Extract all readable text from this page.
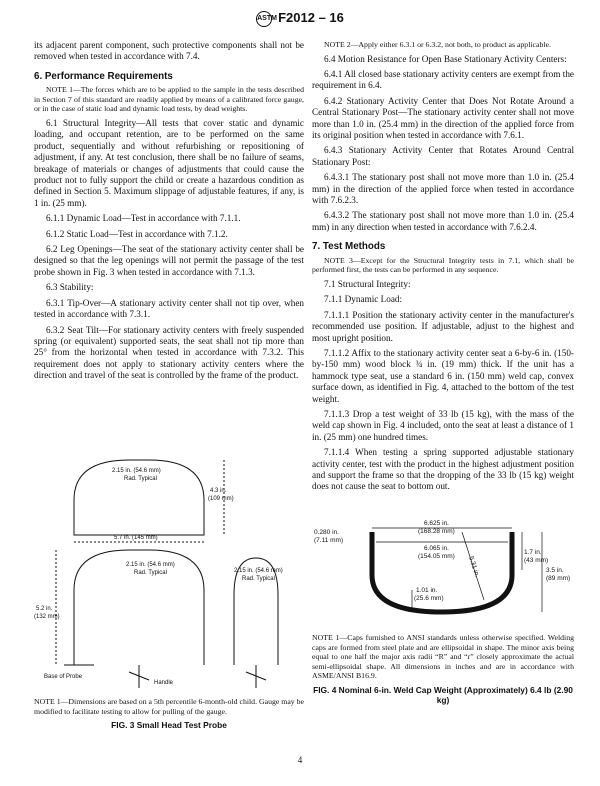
ASTMF2012 – 16

its adjacent parent component, such protective components shall not be removed when tested in accordance with 7.4.

6. Performance Requirements

NOTE 1—The forces which are to be applied to the sample in the tests described in Section 7 of this standard are readily applied by means of a calibrated force gauge, or in the case of static load and dynamic load tests, by dead weights.

6.1 Structural Integrity—All tests that cover static and dynamic loading, and occupant retention, are to be performed on the same product, sequentially and without refurbishing or repositioning of adjustment, if any. At test conclusion, there shall be no failure of seams, breakage of materials or changes of adjustments that could cause the product not to fully support the child or create a hazardous condition as defined in Section 5. Maximum slippage of adjustable features, if any, is 1 in. (25 mm).

6.1.1 Dynamic Load—Test in accordance with 7.1.1.

6.1.2 Static Load—Test in accordance with 7.1.2.

6.2 Leg Openings—The seat of the stationary activity center shall be designed so that the leg openings will not permit the passage of the test probe shown in Fig. 3 when tested in accordance with 7.1.3.

6.3 Stability:

6.3.1 Tip-Over—A stationary activity center shall not tip over, when tested in accordance with 7.3.1.

6.3.2 Seat Tilt—For stationary activity centers with freely suspended spring (or equivalent) supported seats, the seat shall not tip more than 25° from the horizontal when tested in accordance with 7.3.2. This requirement does not apply to stationary activity centers where the direction and travel of the seat is controlled by the frame of the product.

2.15 in. (54.6 mm)
Rad. Typical
4.3 in.
(109 mm)
5.7 in. (145 mm)
5.2 in.
(132 mm)
2.15 in. (54.6 mm)
Rad. Typical	2.15 in. (54.6 mm)
Rad. Typical
Base of Probe
Handle

NOTE 1—Dimensions are based on a 5th percentile 6-month-old child. Gauge may be modified to facilitate testing to allow for pulling of the gauge.

FIG. 3 Small Head Test Probe

NOTE 2—Apply either 6.3.1 or 6.3.2, not both, to product as applicable.

6.4 Motion Resistance for Open Base Stationary Activity Centers:

6.4.1 All closed base stationary activity centers are exempt from the requirement in 6.4.

6.4.2 Stationary Activity Center that Does Not Rotate Around a Central Stationary Post—The stationary activity center shall not move more than 1.0 in. (25.4 mm) in the direction of the applied force from its original position when tested in accordance with 7.6.1.

6.4.3 Stationary Activity Center that Rotates Around Central Stationary Post:

6.4.3.1 The stationary post shall not move more than 1.0 in. (25.4 mm) in the direction of the applied force when tested in accordance with 7.6.2.3.

6.4.3.2 The stationary post shall not move more than 1.0 in. (25.4 mm) in any direction when tested in accordance with 7.6.2.4.

7. Test Methods

NOTE 3—Except for the Structural Integrity tests in 7.1, which shall be performed first, the tests can be performed in any sequence.

7.1 Structural Integrity:

7.1.1 Dynamic Load:

7.1.1.1 Position the stationary activity center in the manufacturer's recommended use position. If adjustable, adjust to the highest and most upright position.

7.1.1.2 Affix to the stationary activity center seat a 6-by-6 in. (150-by-150 mm) wood block ¾ in. (19 mm) thick. If the unit has a hammock type seat, use a standard 6 in. (150 mm) weld cap, convex surface down, as identified in Fig. 4, attached to the bottom of the test weight.

7.1.1.3 Drop a test weight of 33 lb (15 kg), with the mass of the weld cap shown in Fig. 4 included, onto the seat at least a distance of 1 in. (25 mm) one hundred times.

7.1.1.4 When testing a spring supported adjustable stationary activity center, test with the product in the highest adjustment position and support the frame so that the dropping of the 33 lb (15 kg) weight does not cause the seat to bottom out.

6.625 in.
(168.28 mm)
6.065 in.
(154.05 mm)
0.280 in.
(7.11 mm)
5.31 in.
1.7 in.
(43 mm)
3.5 in.
(89 mm)
1.01 in.
(25.6 mm)

NOTE 1—Caps furnished to ANSI standards unless otherwise specified. Welding caps are formed from steel plate and are ellipsoidal in shape. The minor axis being equal to one half the major axis radii “R” and “r” closely approximate the actual semi-ellipsoidal shape. All dimensions in inches and are in accordance with ASME/ANSI B16.9.

FIG. 4 Nominal 6-in. Weld Cap Weight (Approximately) 6.4 lb (2.90 kg)
4
